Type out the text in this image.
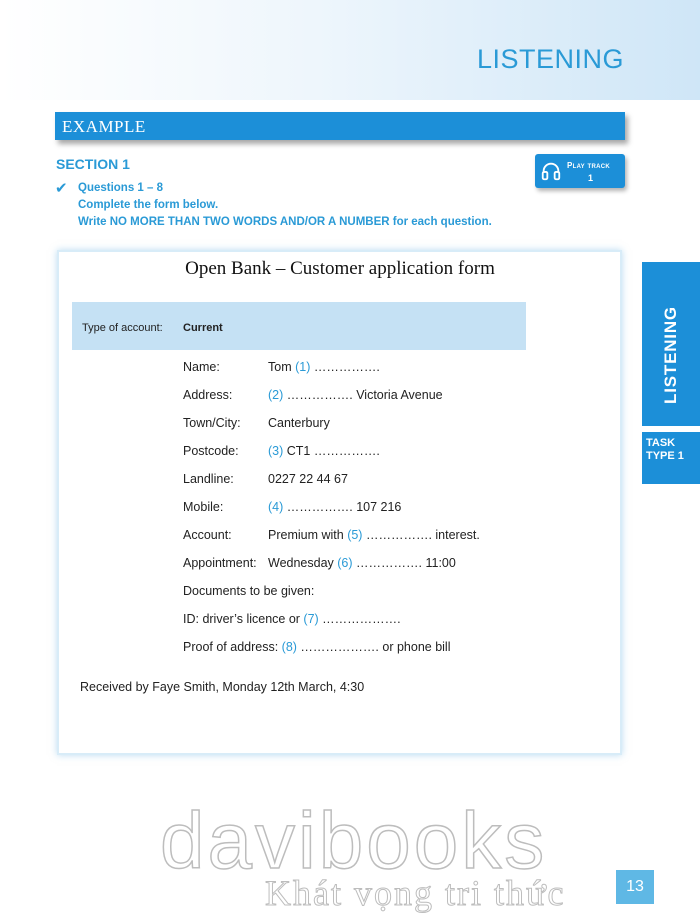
LISTENING
EXAMPLE
SECTION 1
✔ Questions 1 – 8
Complete the form below.
Write NO MORE THAN TWO WORDS AND/OR A NUMBER for each question.
Play track
1
Open Bank – Customer application form
Type of account: Current
Name:	Tom (1) …………….
Address:	(2) ……………. Victoria Avenue
Town/City: Canterbury
Postcode: (3) CT1 …………….
Landline:	0227 22 44 67
Mobile:	(4) ……………. 107 216
Account:	Premium with (5) ……………. interest.
Appointment: Wednesday (6) ……………. 11:00
Documents to be given:
ID: driver’s licence or (7) ……………….
Proof of address: (8) ………………. or phone bill
Received by Faye Smith, Monday 12th March, 4:30
LISTENING
TASK
TYPE 1
davibooks
Khát vọng tri thức	13
